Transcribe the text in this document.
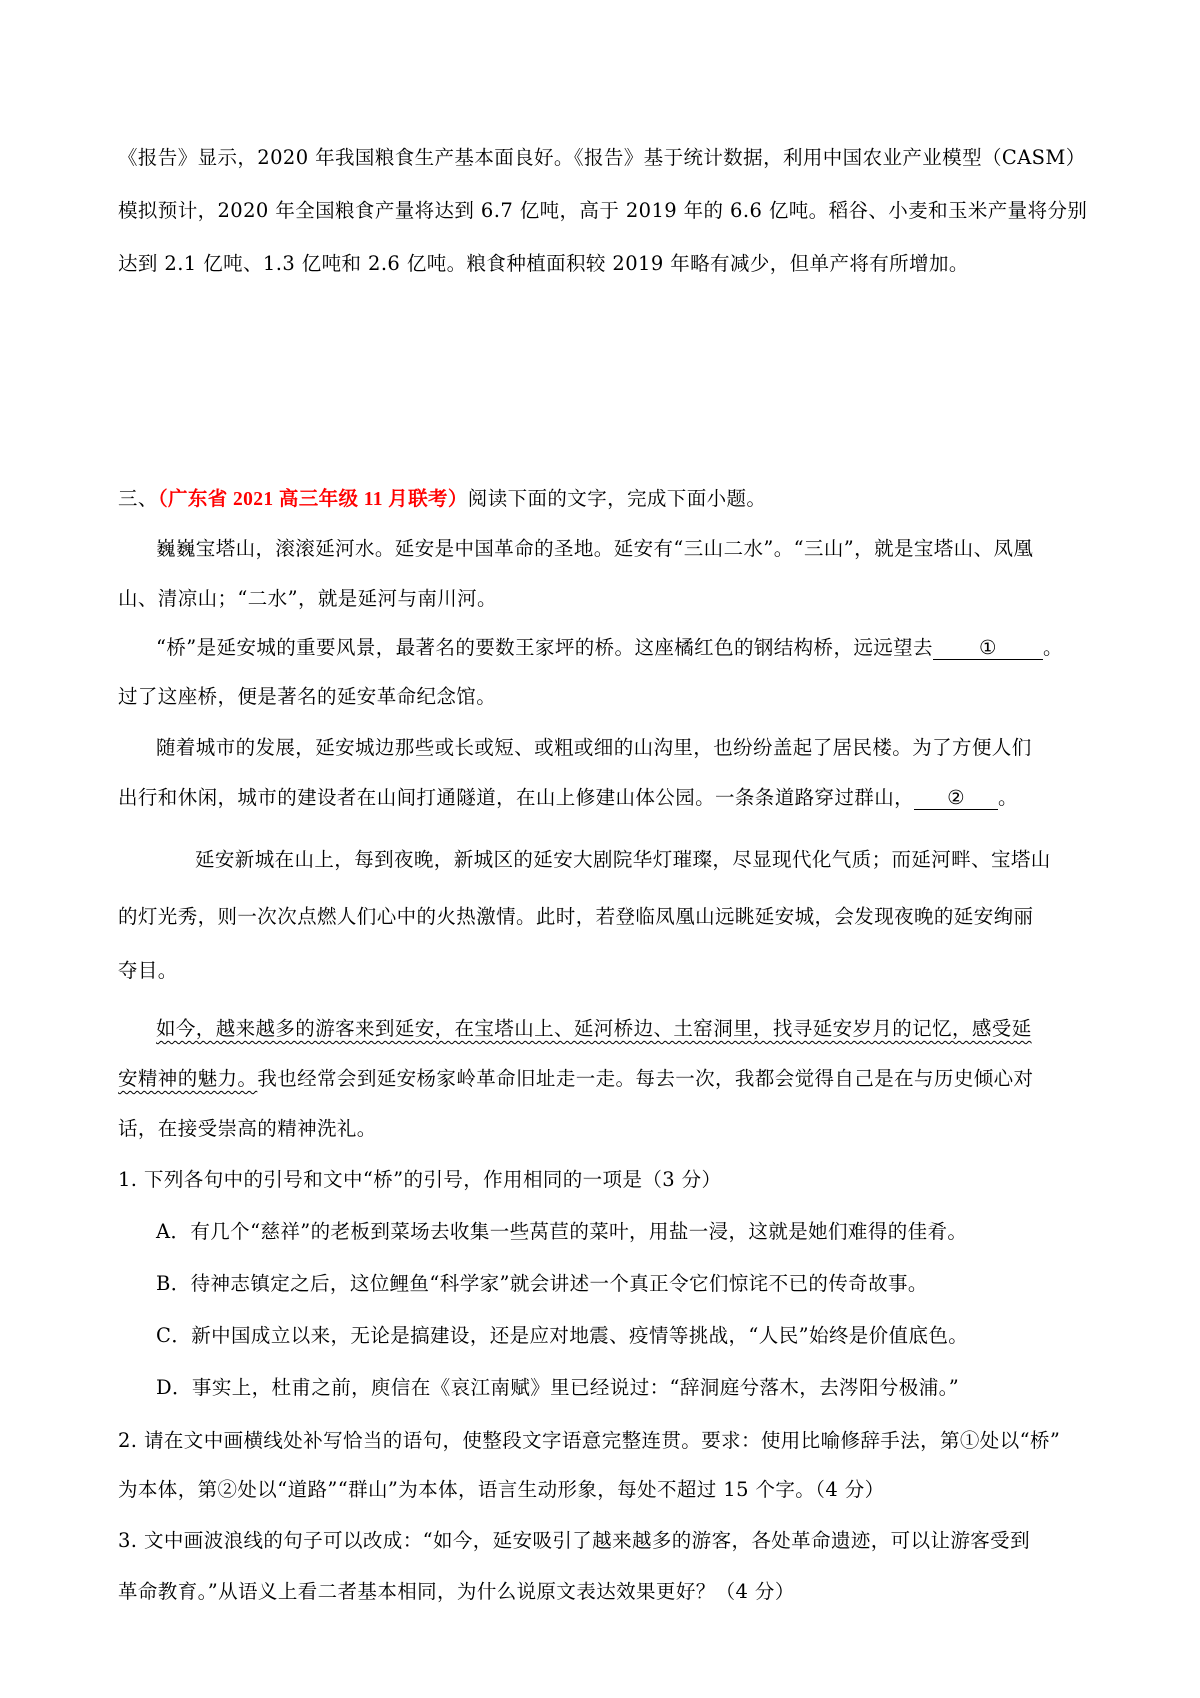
《报告》显示，2020 年我国粮食生产基本面良好。《报告》基于统计数据，利用中国农业产业模型（CASM）
模拟预计，2020 年全国粮食产量将达到 6.7 亿吨，高于 2019 年的 6.6 亿吨。稻谷、小麦和玉米产量将分别
达到 2.1 亿吨、1.3 亿吨和 2.6 亿吨。粮食种植面积较 2019 年略有减少，但单产将有所增加。
三、（广东省 2021 高三年级 11 月联考）阅读下面的文字，完成下面小题。
巍巍宝塔山，滚滚延河水。延安是中国革命的圣地。延安有“三山二水”。“三山”，就是宝塔山、凤凰
山、清凉山；“二水”，就是延河与南川河。
“桥”是延安城的重要风景，最著名的要数王家坪的桥。这座橘红色的钢结构桥，远远望去 ① 。
过了这座桥，便是著名的延安革命纪念馆。
随着城市的发展，延安城边那些或长或短、或粗或细的山沟里，也纷纷盖起了居民楼。为了方便人们
出行和休闲，城市的建设者在山间打通隧道，在山上修建山体公园。一条条道路穿过群山， ② 。
延安新城在山上，每到夜晚，新城区的延安大剧院华灯璀璨，尽显现代化气质；而延河畔、宝塔山
的灯光秀，则一次次点燃人们心中的火热激情。此时，若登临凤凰山远眺延安城，会发现夜晚的延安绚丽
夺目。
如今，越来越多的游客来到延安，在宝塔山上、延河桥边、土窑洞里，找寻延安岁月的记忆，感受延
安精神的魅力。我也经常会到延安杨家岭革命旧址走一走。每去一次，我都会觉得自己是在与历史倾心对
话，在接受崇高的精神洗礼。
1. 下列各句中的引号和文中“桥”的引号，作用相同的一项是（3 分）
A．有几个“慈祥”的老板到菜场去收集一些莴苣的菜叶，用盐一浸，这就是她们难得的佳肴。
B．待神志镇定之后，这位鲤鱼“科学家”就会讲述一个真正令它们惊诧不已的传奇故事。
C．新中国成立以来，无论是搞建设，还是应对地震、疫情等挑战，“人民”始终是价值底色。
D．事实上，杜甫之前，庾信在《哀江南赋》里已经说过：“辞洞庭兮落木，去涔阳兮极浦。”
2. 请在文中画横线处补写恰当的语句，使整段文字语意完整连贯。要求：使用比喻修辞手法，第①处以“桥”
为本体，第②处以“道路”“群山”为本体，语言生动形象，每处不超过 15 个字。（4 分）
3. 文中画波浪线的句子可以改成：“如今，延安吸引了越来越多的游客，各处革命遗迹，可以让游客受到
革命教育。”从语义上看二者基本相同，为什么说原文表达效果更好？（4 分）
